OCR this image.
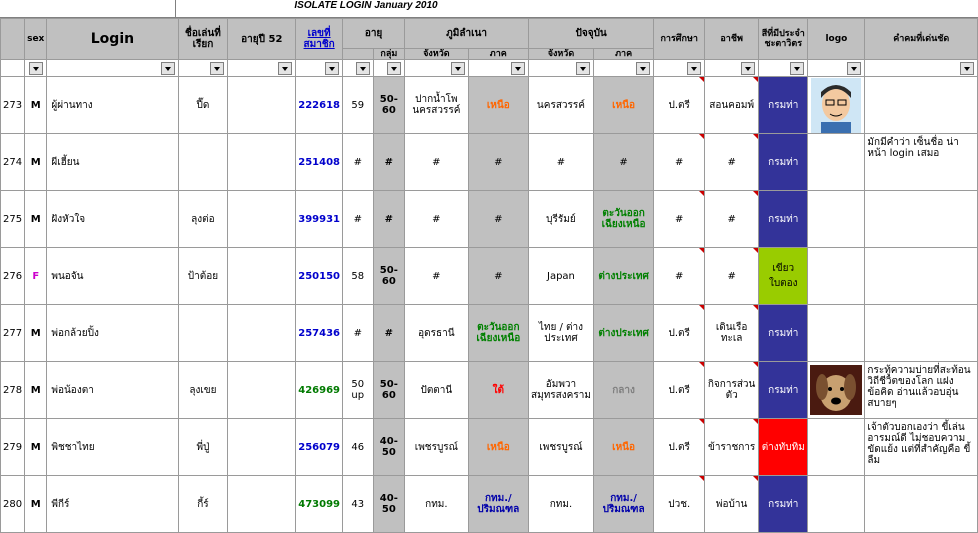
ISOLATE LOGIN January 2010
	sex	Login	ชื่อเล่นที่เรียก	อายุปี 52	เลขที่สมาชิก	อายุ		ภูมิลำเนา		ปัจจุบัน		การศึกษา	อาชีพ	สีที่มีประจำชะตาวิตร	logo	คำคมที่เด่นชัด
							กลุ่ม	จังหวัด	ภาค	จังหวัด	ภาค					

273	M	ผู้ผ่านทาง	ปี๊ด		222618	59	50-60	ปากน้ำโพ นครสวรรค์	เหนือ	นครสวรรค์	เหนือ	ป.ตรี	สอนคอมพ์	กรมท่า	

274	M	ผีเฮี้ยน			251408	#	#	#	#	#	#	#	#	กรมท่า		มักมีคำว่า เซ็นชื่อ น่าหน้า login เสมอ
275	M	ฝังหัวใจ	ลุงต่อ		399931	#	#	#	#	บุรีรัมย์	ตะวันออกเฉียงเหนือ	#	#	กรมท่า		
276	F	พนอจัน	ป้าต้อย		250150	58	50-60	#	#	Japan	ต่างประเทศ	#	#	เขียวใบตอง		
277	M	พ่อกล้วยปิ้ง			257436	#	#	อุดรธานี	ตะวันออกเฉียงเหนือ	ไทย / ต่างประเทศ	ต่างประเทศ	ป.ตรี	เดินเรือทะเล	กรมท่า		
278	M	พ่อน้องตา	ลุงเขย		426969	50 up	50-60	ปัตตานี	ใต้	อัมพวา สมุทรสงคราม	กลาง	ป.ตรี	กิจการส่วนตัว	กรมท่า		กระทู้ความบ่ายที่สะท้อนวิถีชีวิตของโลก แฝงข้อคิด อ่านแล้วอบอุ่นสบายๆ
279	M	พิชชาไทย	พี่ปู่		256079	46	40-50	เพชรบูรณ์	เหนือ	เพชรบูรณ์	เหนือ	ป.ตรี	ข้าราชการ	ต่างทับทิม		เจ้าตัวบอกเองว่า ขี้เล่น อารมณ์ดี ไม่ชอบความขัดแย้ง แต่ที่สำคัญคือ ขี้ลืม
280	M	พีกีร์	กี้ร์		473099	43	40-50	กทม.	กทม./ ปริมณฑล	กทม.	กทม./ ปริมณฑล	ปวช.	พ่อบ้าน	กรมท่า		
